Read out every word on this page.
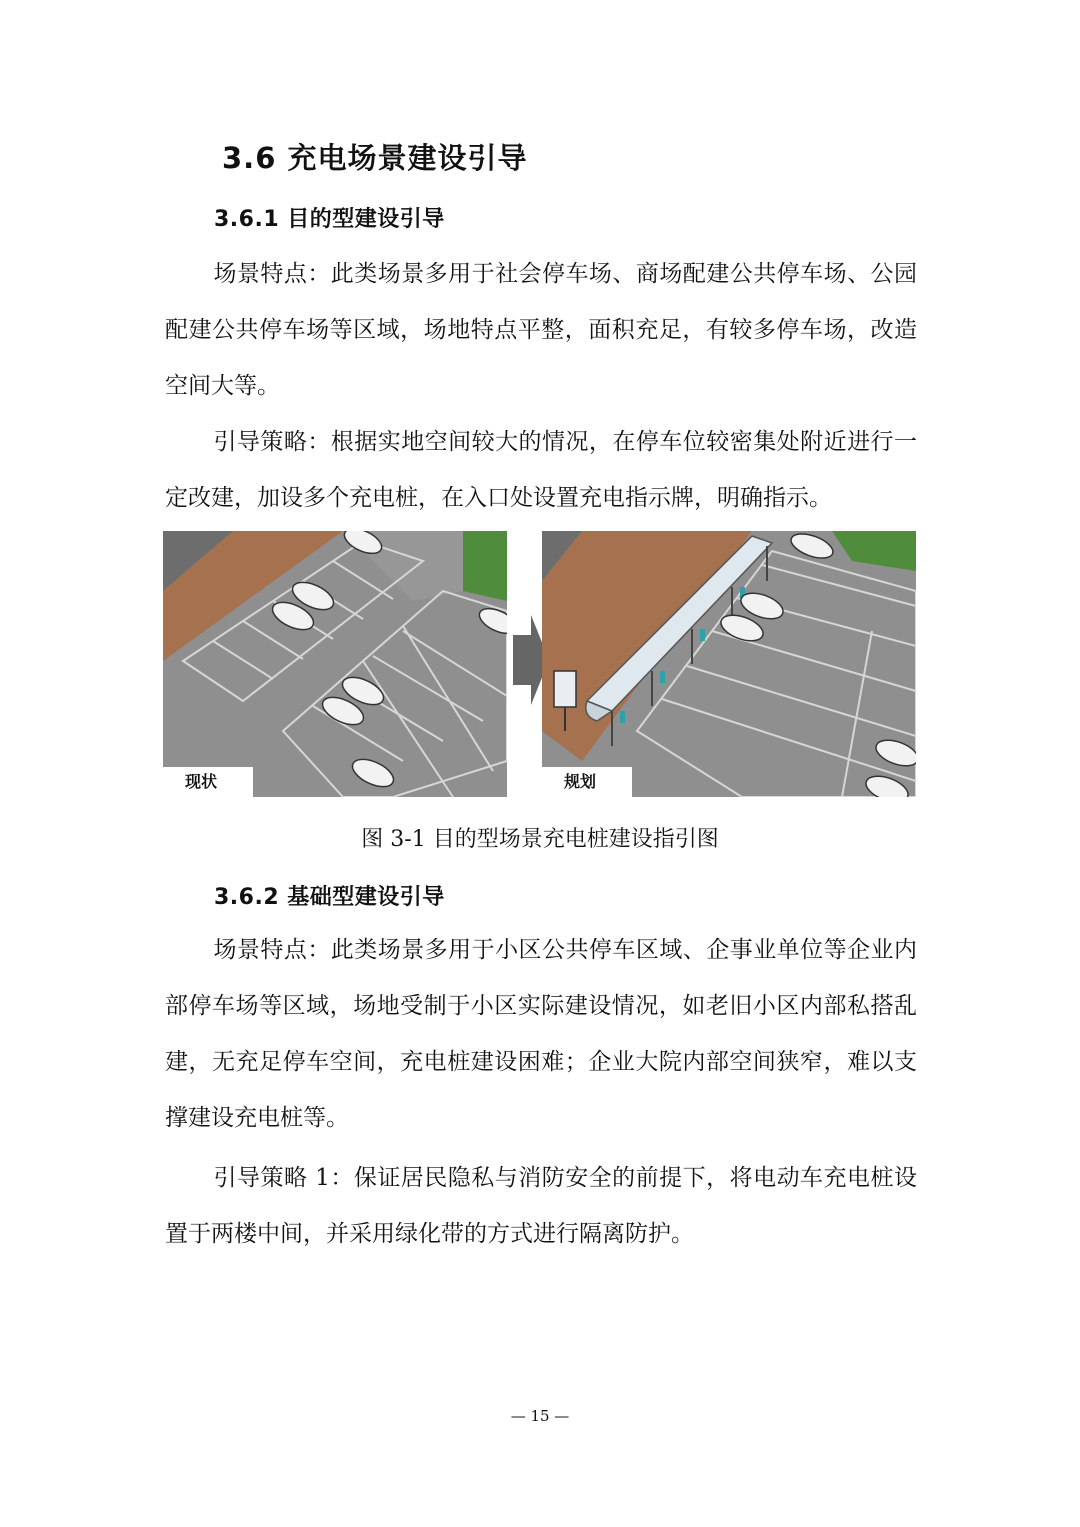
3.6 充电场景建设引导
3.6.1 目的型建设引导
场景特点：此类场景多用于社会停车场、商场配建公共停车场、公园配建公共停车场等区域，场地特点平整，面积充足，有较多停车场，改造空间大等。
引导策略：根据实地空间较大的情况，在停车位较密集处附近进行一定改建，加设多个充电桩，在入口处设置充电指示牌，明确指示。
现状	规划
图 3-1 目的型场景充电桩建设指引图
3.6.2 基础型建设引导
场景特点：此类场景多用于小区公共停车区域、企事业单位等企业内部停车场等区域，场地受制于小区实际建设情况，如老旧小区内部私搭乱建，无充足停车空间，充电桩建设困难；企业大院内部空间狭窄，难以支撑建设充电桩等。
引导策略 1：保证居民隐私与消防安全的前提下，将电动车充电桩设置于两楼中间，并采用绿化带的方式进行隔离防护。
— 15 —
